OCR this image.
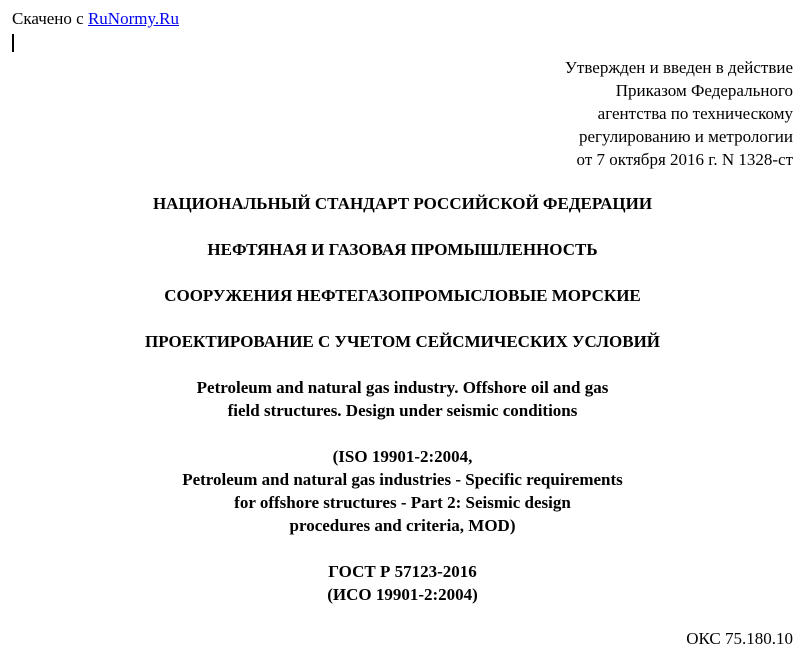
Скачено с RuNormy.Ru
Утвержден и введен в действие
Приказом Федерального
агентства по техническому
регулированию и метрологии
от 7 октября 2016 г. N 1328-ст
НАЦИОНАЛЬНЫЙ СТАНДАРТ РОССИЙСКОЙ ФЕДЕРАЦИИ
НЕФТЯНАЯ И ГАЗОВАЯ ПРОМЫШЛЕННОСТЬ
СООРУЖЕНИЯ НЕФТЕГАЗОПРОМЫСЛОВЫЕ МОРСКИЕ
ПРОЕКТИРОВАНИЕ С УЧЕТОМ СЕЙСМИЧЕСКИХ УСЛОВИЙ
Petroleum and natural gas industry. Offshore oil and gas
field structures. Design under seismic conditions
(ISO 19901-2:2004,
Petroleum and natural gas industries - Specific requirements
for offshore structures - Part 2: Seismic design
procedures and criteria, MOD)
ГОСТ Р 57123-2016
(ИСО 19901-2:2004)
ОКС 75.180.10
